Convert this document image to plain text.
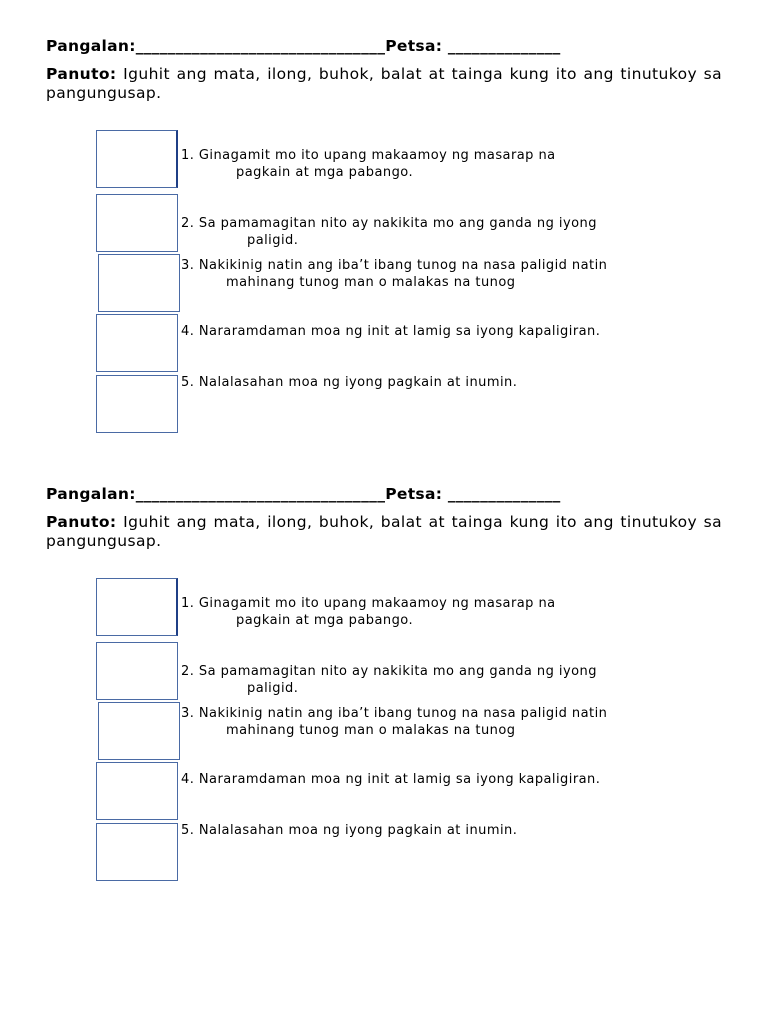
Pangalan:_______________________________Petsa: ______________
Panuto: Iguhit ang mata, ilong, buhok, balat at tainga kung ito ang tinutukoy sa pangungusap.
1. Ginagamit mo ito upang makaamoy ng masarap na
pagkain at mga pabango.
2. Sa pamamagitan nito ay nakikita mo ang ganda ng iyong
paligid.
3. Nakikinig natin ang iba’t ibang tunog na nasa paligid natin
mahinang tunog man o malakas na tunog
4. Nararamdaman moa ng init at lamig sa iyong kapaligiran.
5. Nalalasahan moa ng iyong pagkain at inumin.
Pangalan:_______________________________Petsa: ______________
Panuto: Iguhit ang mata, ilong, buhok, balat at tainga kung ito ang tinutukoy sa pangungusap.
1. Ginagamit mo ito upang makaamoy ng masarap na
pagkain at mga pabango.
2. Sa pamamagitan nito ay nakikita mo ang ganda ng iyong
paligid.
3. Nakikinig natin ang iba’t ibang tunog na nasa paligid natin
mahinang tunog man o malakas na tunog
4. Nararamdaman moa ng init at lamig sa iyong kapaligiran.
5. Nalalasahan moa ng iyong pagkain at inumin.
